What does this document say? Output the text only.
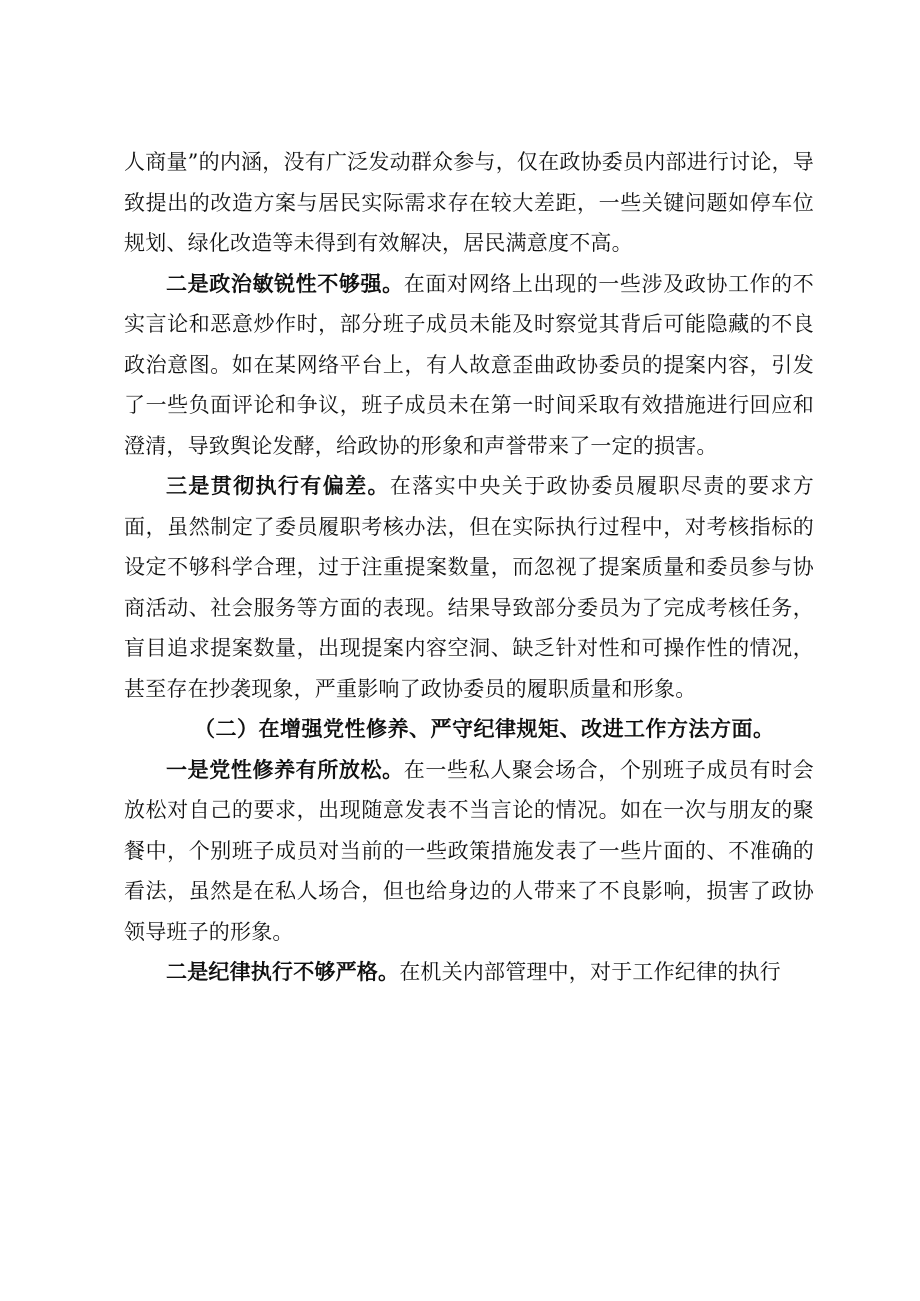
人商量”的内涵，没有广泛发动群众参与，仅在政协委员内部进行讨论，导致提出的改造方案与居民实际需求存在较大差距，一些关键问题如停车位规划、绿化改造等未得到有效解决，居民满意度不高。

二是政治敏锐性不够强。在面对网络上出现的一些涉及政协工作的不实言论和恶意炒作时，部分班子成员未能及时察觉其背后可能隐藏的不良政治意图。如在某网络平台上，有人故意歪曲政协委员的提案内容，引发了一些负面评论和争议，班子成员未在第一时间采取有效措施进行回应和澄清，导致舆论发酵，给政协的形象和声誉带来了一定的损害。

三是贯彻执行有偏差。在落实中央关于政协委员履职尽责的要求方面，虽然制定了委员履职考核办法，但在实际执行过程中，对考核指标的设定不够科学合理，过于注重提案数量，而忽视了提案质量和委员参与协商活动、社会服务等方面的表现。结果导致部分委员为了完成考核任务，盲目追求提案数量，出现提案内容空洞、缺乏针对性和可操作性的情况，甚至存在抄袭现象，严重影响了政协委员的履职质量和形象。

（二）在增强党性修养、严守纪律规矩、改进工作方法方面。

一是党性修养有所放松。在一些私人聚会场合，个别班子成员有时会放松对自己的要求，出现随意发表不当言论的情况。如在一次与朋友的聚餐中，个别班子成员对当前的一些政策措施发表了一些片面的、不准确的看法，虽然是在私人场合，但也给身边的人带来了不良影响，损害了政协领导班子的形象。

二是纪律执行不够严格。在机关内部管理中，对于工作纪律的执行
